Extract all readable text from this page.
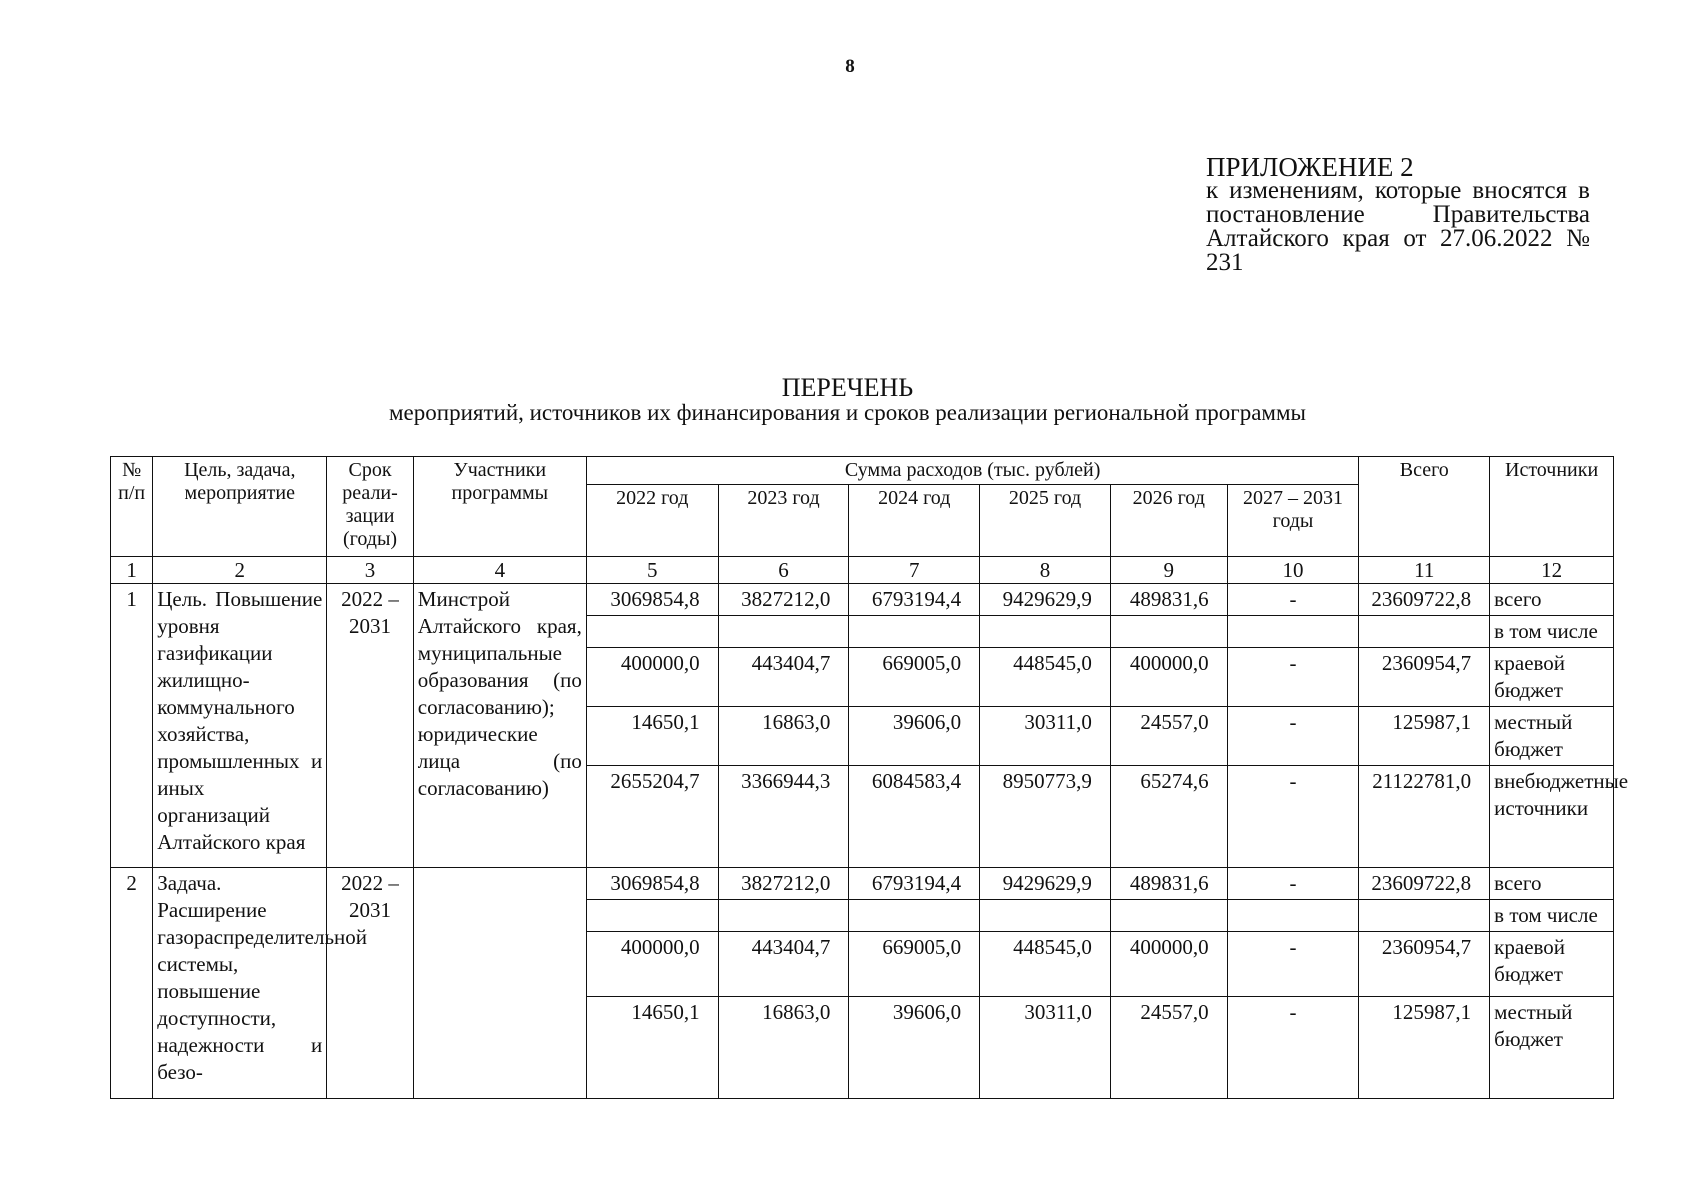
8
ПРИЛОЖЕНИЕ 2
к изменениям, которые вносятся в постановление Правительства Алтайского края от 27.06.2022 № 231
ПЕРЕЧЕНЬ
мероприятий, источников их финансирования и сроков реализации региональной программы
№ п/п	Цель, задача, мероприятие	Срок реали-зации (годы)	Участники программы	Сумма расходов (тыс. рублей)						Всего	Источники
				2022 год	2023 год	2024 год	2025 год	2026 год	2027 – 2031 годы		
1	2	3	4	5	6	7	8	9	10	11	12
1	Цель. Повышение уровня газификации жилищно-коммунального хозяйства, промышленных и иных организаций Алтайского края	2022 – 2031	Минстрой Алтайского края, муниципальные образования (по согласованию); юридические лица (по согласованию)	3069854,8	3827212,0	6793194,4	9429629,9	489831,6	-	23609722,8	всего
											в том числе
				400000,0	443404,7	669005,0	448545,0	400000,0	-	2360954,7	краевой бюджет
				14650,1	16863,0	39606,0	30311,0	24557,0	-	125987,1	местный бюджет
				2655204,7	3366944,3	6084583,4	8950773,9	65274,6	-	21122781,0	внебюджетные источники
2	Задача. Расширение газораспределительной системы, повышение доступности, надежности и безо-	2022 – 2031		3069854,8	3827212,0	6793194,4	9429629,9	489831,6	-	23609722,8	всего
											в том числе
				400000,0	443404,7	669005,0	448545,0	400000,0	-	2360954,7	краевой бюджет
				14650,1	16863,0	39606,0	30311,0	24557,0	-	125987,1	местный бюджет
